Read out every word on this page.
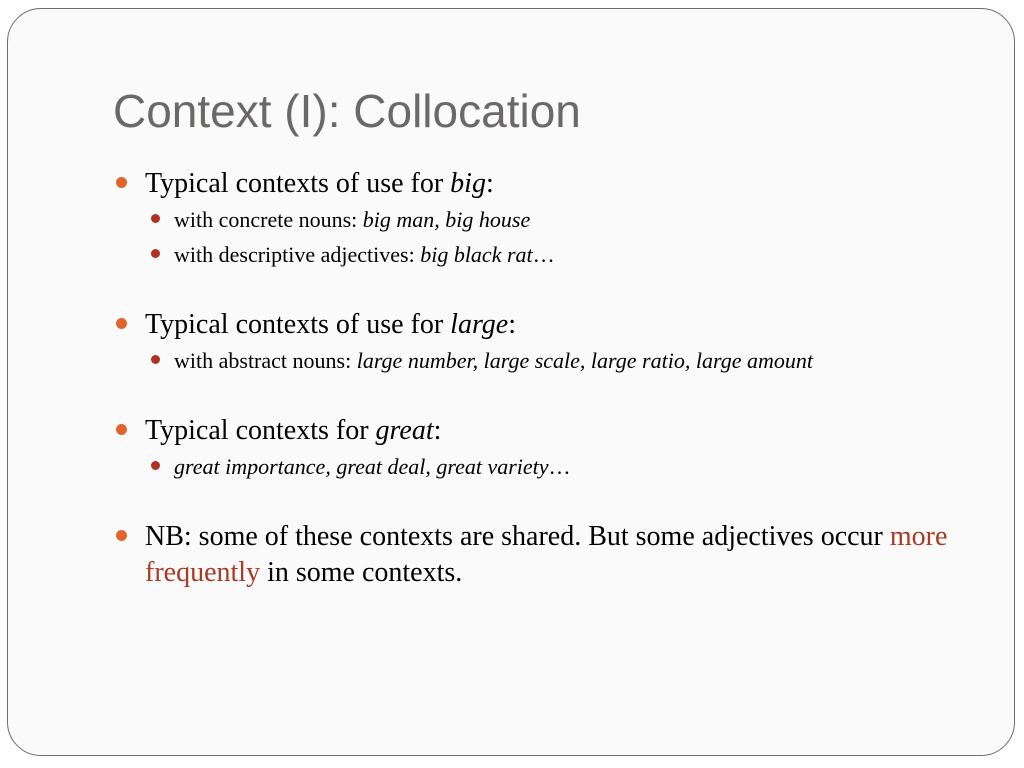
Context (I): Collocation
Typical contexts of use for big:
with concrete nouns: big man, big house
with descriptive adjectives: big black rat…
Typical contexts of use for large:
with abstract nouns: large number, large scale, large ratio, large amount
Typical contexts for great:
great importance, great deal, great variety…
NB: some of these contexts are shared. But some adjectives occur more frequently in some contexts.
